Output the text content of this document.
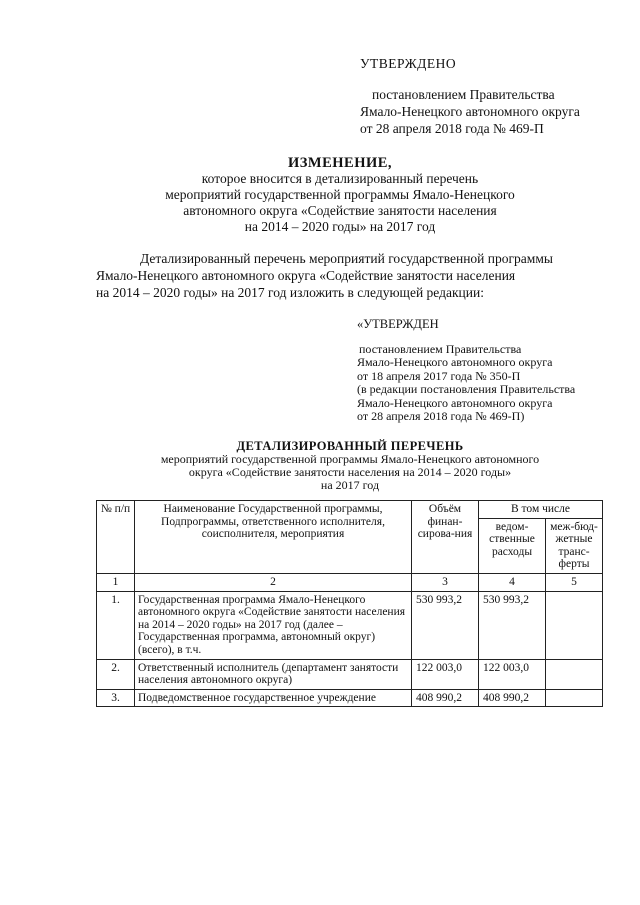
УТВЕРЖДЕНО
постановлением Правительства
Ямало-Ненецкого автономного округа
от 28 апреля 2018 года № 469-П
ИЗМЕНЕНИЕ,
которое вносится в детализированный перечень
мероприятий государственной программы Ямало-Ненецкого
автономного округа «Содействие занятости населения
на 2014 – 2020 годы» на 2017 год
Детализированный перечень мероприятий государственной программы
Ямало-Ненецкого автономного округа «Содействие занятости населения
на 2014 – 2020 годы» на 2017 год изложить в следующей редакции:
«УТВЕРЖДЕН
постановлением Правительства
Ямало-Ненецкого автономного округа
от 18 апреля 2017 года № 350-П
(в редакции постановления Правительства
Ямало-Ненецкого автономного округа
от 28 апреля 2018 года № 469-П)
ДЕТАЛИЗИРОВАННЫЙ ПЕРЕЧЕНЬ
мероприятий государственной программы Ямало-Ненецкого автономного
округа «Содействие занятости населения на 2014 – 2020 годы»
на 2017 год
№ п/п	Наименование Государственной программы, Подпрограммы, ответственного исполнителя, соисполнителя, мероприятия	Объём финан-сирова-ния	В том числе	
			ведом-ственные расходы	меж-бюд-жетные транс-ферты
1	2	3	4	5
1.	Государственная программа Ямало-Ненецкого автономного округа «Содействие занятости населения на 2014 – 2020 годы» на 2017 год (далее – Государственная программа, автономный округ) (всего), в т.ч.	530 993,2	530 993,2	
2.	Ответственный исполнитель (департамент занятости населения автономного округа)	122 003,0	122 003,0	
3.	Подведомственное государственное учреждение	408 990,2	408 990,2	
